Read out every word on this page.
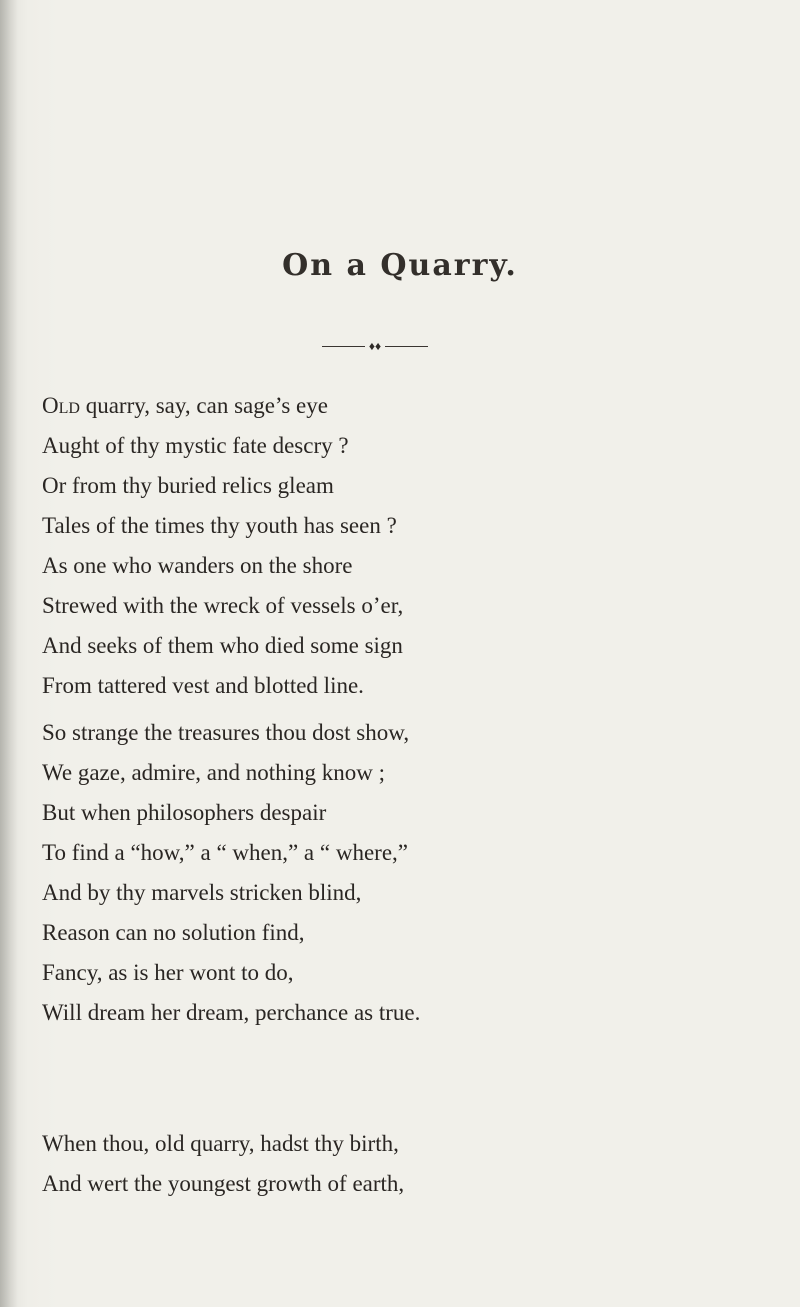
On a Quarry.
♦♦
Old quarry, say, can sage’s eye
Aught of thy mystic fate descry ?
Or from thy buried relics gleam
Tales of the times thy youth has seen ?
As one who wanders on the shore
Strewed with the wreck of vessels o’er,
And seeks of them who died some sign
From tattered vest and blotted line.
So strange the treasures thou dost show,
We gaze, admire, and nothing know ;
But when philosophers despair
To find a “how,” a “ when,” a “ where,”
And by thy marvels stricken blind,
Reason can no solution find,
Fancy, as is her wont to do,
Will dream her dream, perchance as true.
When thou, old quarry, hadst thy birth,
And wert the youngest growth of earth,
